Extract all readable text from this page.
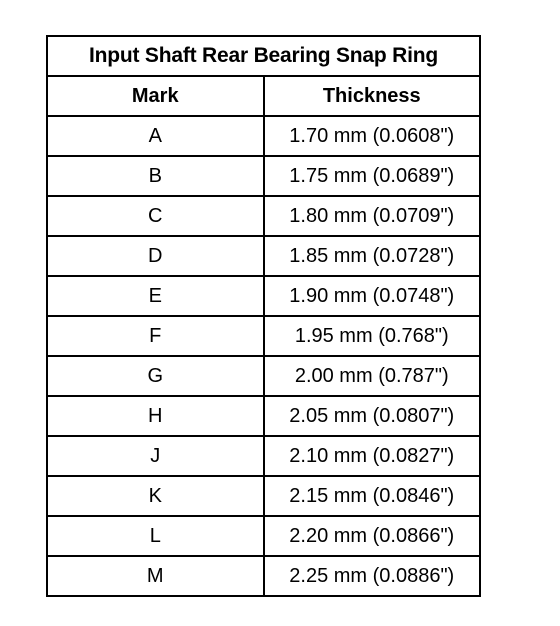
Input Shaft Rear Bearing Snap Ring	
Mark	Thickness
A	1.70 mm (0.0608")
B	1.75 mm (0.0689")
C	1.80 mm (0.0709")
D	1.85 mm (0.0728")
E	1.90 mm (0.0748")
F	1.95 mm (0.768")
G	2.00 mm (0.787")
H	2.05 mm (0.0807")
J	2.10 mm (0.0827")
K	2.15 mm (0.0846")
L	2.20 mm (0.0866")
M	2.25 mm (0.0886")
